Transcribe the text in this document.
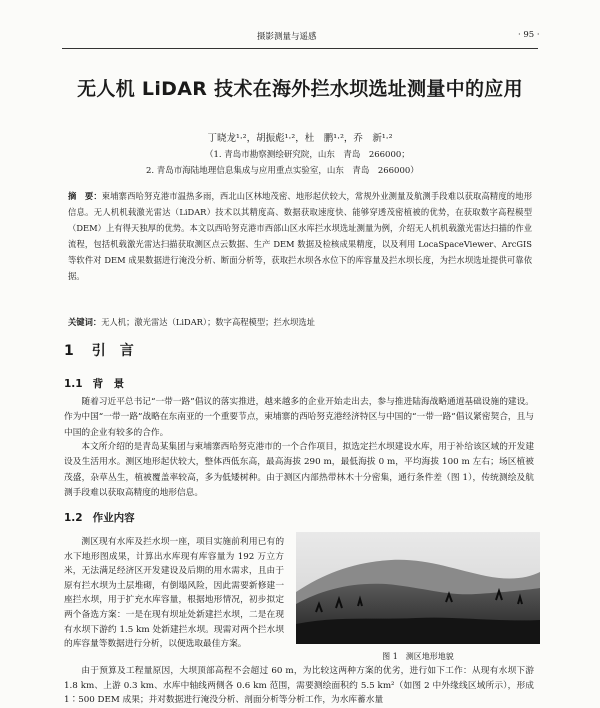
摄影测量与遥感	· 95 ·
无人机 LiDAR 技术在海外拦水坝选址测量中的应用
丁晓龙¹·²，胡振彪¹·²，杜　鹏¹·²，乔　新¹·²
（1. 青岛市勘察测绘研究院，山东　青岛　266000；
2. 青岛市海陆地理信息集成与应用重点实验室，山东　青岛　266000）
摘　要：柬埔寨西哈努克港市温热多雨，西北山区林地茂密、地形起伏较大，常规外业测量及航测手段难以获取高精度的地形信息。无人机机载激光雷达（LiDAR）技术以其精度高、数据获取速度快、能够穿透茂密植被的优势，在获取数字高程模型（DEM）上有得天独厚的优势。本文以西哈努克港市西部山区水库拦水坝选址测量为例，介绍无人机机载激光雷达扫描的作业流程，包括机载激光雷达扫描获取测区点云数据、生产 DEM 数据及检核成果精度，以及利用 LocaSpaceViewer、ArcGIS 等软件对 DEM 成果数据进行淹没分析、断面分析等，获取拦水坝各水位下的库容量及拦水坝长度，为拦水坝选址提供可靠依据。
关键词：无人机；激光雷达（LiDAR）；数字高程模型；拦水坝选址
1 引　言
1.1 背　景
随着习近平总书记“一带一路”倡议的落实推进，越来越多的企业开始走出去，参与推进陆海战略通道基础设施的建设。作为中国“一带一路”战略在东南亚的一个重要节点，柬埔寨的西哈努克港经济特区与中国的“一带一路”倡议紧密契合，且与中国的企业有较多的合作。
本文所介绍的是青岛某集团与柬埔寨西哈努克港市的一个合作项目，拟选定拦水坝建设水库，用于补给该区域的开发建设及生活用水。测区地形起伏较大，整体西低东高，最高海拔 290 m，最低海拔 0 m，平均海拔 100 m 左右；场区植被茂盛，杂草丛生，植被覆盖率较高，多为低矮树种。由于测区内部热带林木十分密集，通行条件差（图 1），传统测绘及航测手段难以获取高精度的地形信息。
1.2 作业内容
测区现有水库及拦水坝一座，项目实施前利用已有的水下地形图成果，计算出水库现有库容量为 192 万立方米，无法满足经济区开发建设及后期的用水需求，且由于原有拦水坝为土层堆砌，有倒塌风险，因此需要新修建一座拦水坝，用于扩充水库容量，根据地形情况，初步拟定两个备选方案：一是在现有坝址处新建拦水坝，二是在现有水坝下游约 1.5 km 处新建拦水坝。现需对两个拦水坝的库容量等数据进行分析，以便选取最佳方案。
图 1　测区地形地貌
由于预算及工程量原因，大坝顶部高程不会超过 60 m，为比较这两种方案的优劣，进行如下工作：从现有水坝下游 1.8 km、上游 0.3 km、水库中轴线两侧各 0.6 km 范围，需要测绘面积约 5.5 km²（如图 2 中外缘线区域所示），形成 1∶500 DEM 成果；并对数据进行淹没分析、剖面分析等分析工作，为水库蓄水量
